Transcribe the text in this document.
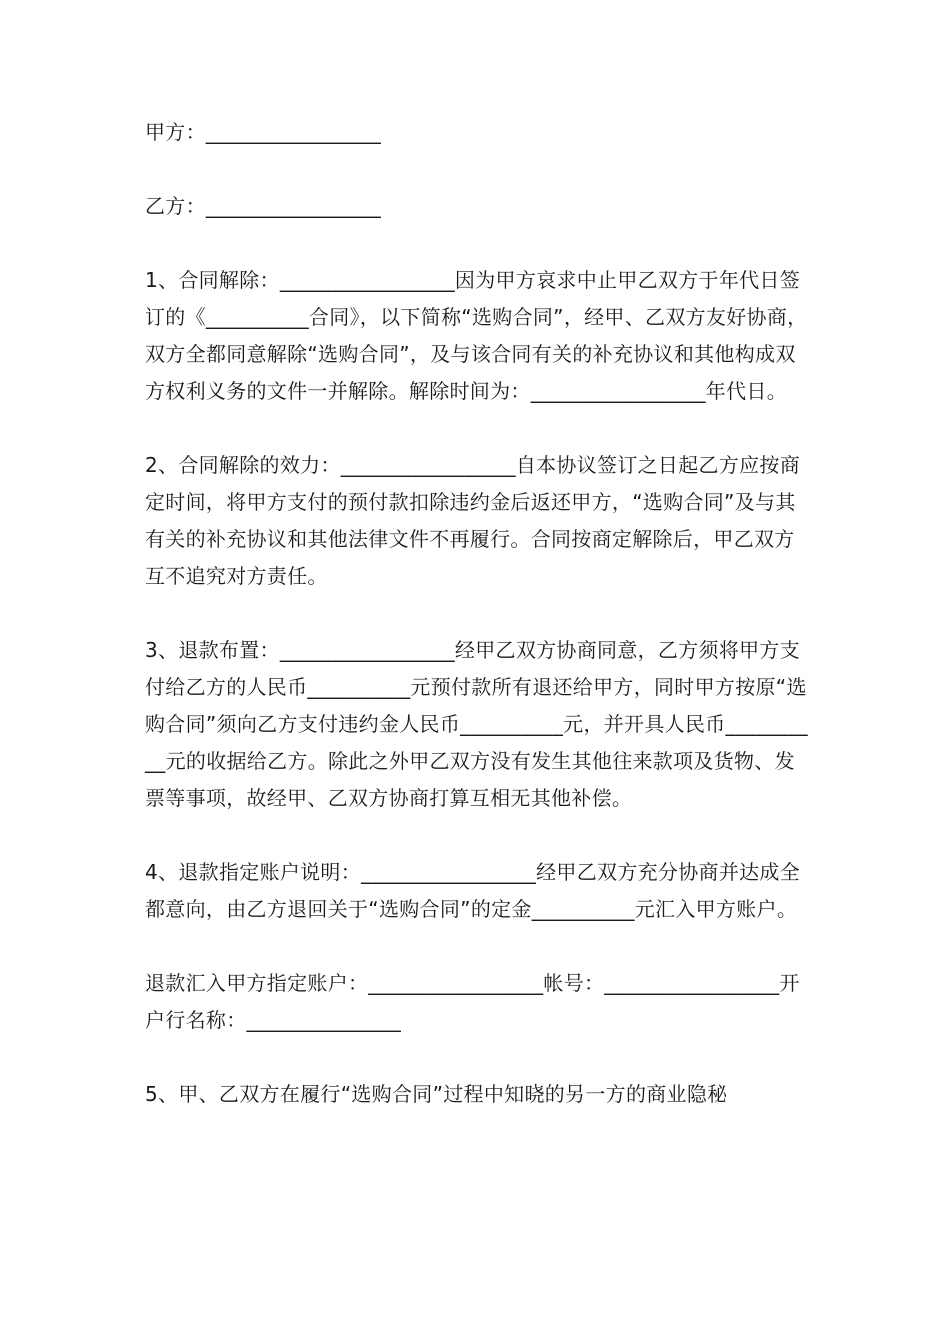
甲方：_________________

乙方：_________________

1、合同解除：_________________因为甲方哀求中止甲乙双方于年代日签订的《__________合同》，以下简称“选购合同”，经甲、乙双方友好协商，双方全都同意解除“选购合同”，及与该合同有关的补充协议和其他构成双方权利义务的文件一并解除。解除时间为：_________________年代日。

2、合同解除的效力：_________________自本协议签订之日起乙方应按商定时间，将甲方支付的预付款扣除违约金后返还甲方，“选购合同”及与其有关的补充协议和其他法律文件不再履行。合同按商定解除后，甲乙双方互不追究对方责任。

3、退款布置：_________________经甲乙双方协商同意，乙方须将甲方支付给乙方的人民币__________元预付款所有退还给甲方，同时甲方按原“选购合同”须向乙方支付违约金人民币__________元，并开具人民币__________元的收据给乙方。除此之外甲乙双方没有发生其他往来款项及货物、发票等事项，故经甲、乙双方协商打算互相无其他补偿。

4、退款指定账户说明：_________________经甲乙双方充分协商并达成全都意向，由乙方退回关于“选购合同”的定金__________元汇入甲方账户。

退款汇入甲方指定账户：_________________帐号：_________________开户行名称：_______________

5、甲、乙双方在履行“选购合同”过程中知晓的另一方的商业隐秘
